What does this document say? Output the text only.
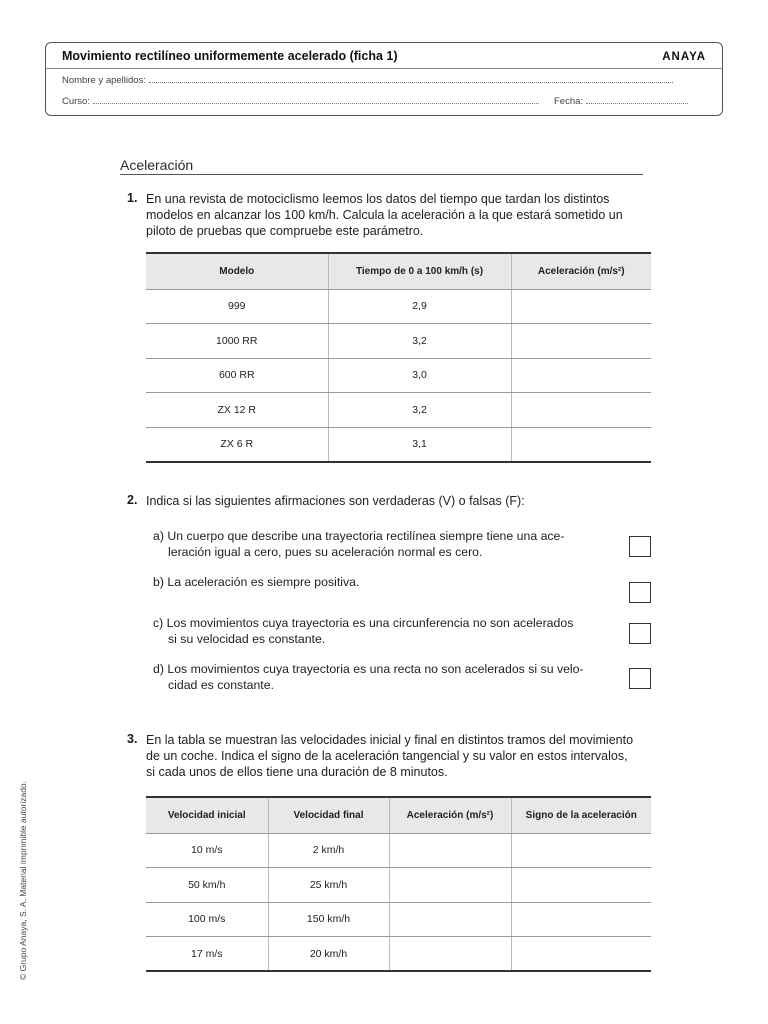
Movimiento rectilíneo uniformemente acelerado (ficha 1)	ANAYA
Nombre y apellidos:
Curso:	Fecha:
Aceleración
1. En una revista de motociclismo leemos los datos del tiempo que tardan los distintos
modelos en alcanzar los 100 km/h. Calcula la aceleración a la que estará sometido un
piloto de pruebas que compruebe este parámetro.
Modelo	Tiempo de 0 a 100 km/h (s)	Aceleración (m/s²)
999	2,9	
1000 RR	3,2	
600 RR	3,0	
ZX 12 R	3,2	
ZX 6 R	3,1	
2. Indica si las siguientes afirmaciones son verdaderas (V) o falsas (F):
a) Un cuerpo que describe una trayectoria rectilínea siempre tiene una ace-
leración igual a cero, pues su aceleración normal es cero.
b) La aceleración es siempre positiva.
c) Los movimientos cuya trayectoria es una circunferencia no son acelerados
si su velocidad es constante.
d) Los movimientos cuya trayectoria es una recta no son acelerados si su velo-
cidad es constante.
3. En la tabla se muestran las velocidades inicial y final en distintos tramos del movimiento
de un coche. Indica el signo de la aceleración tangencial y su valor en estos intervalos,
si cada unos de ellos tiene una duración de 8 minutos.
Velocidad inicial	Velocidad final	Aceleración (m/s²)	Signo de la aceleración
10 m/s	2 km/h		
50 km/h	25 km/h		
100 m/s	150 km/h		
17 m/s	20 km/h		
© Grupo Anaya, S. A. Material imprimible autorizado.
